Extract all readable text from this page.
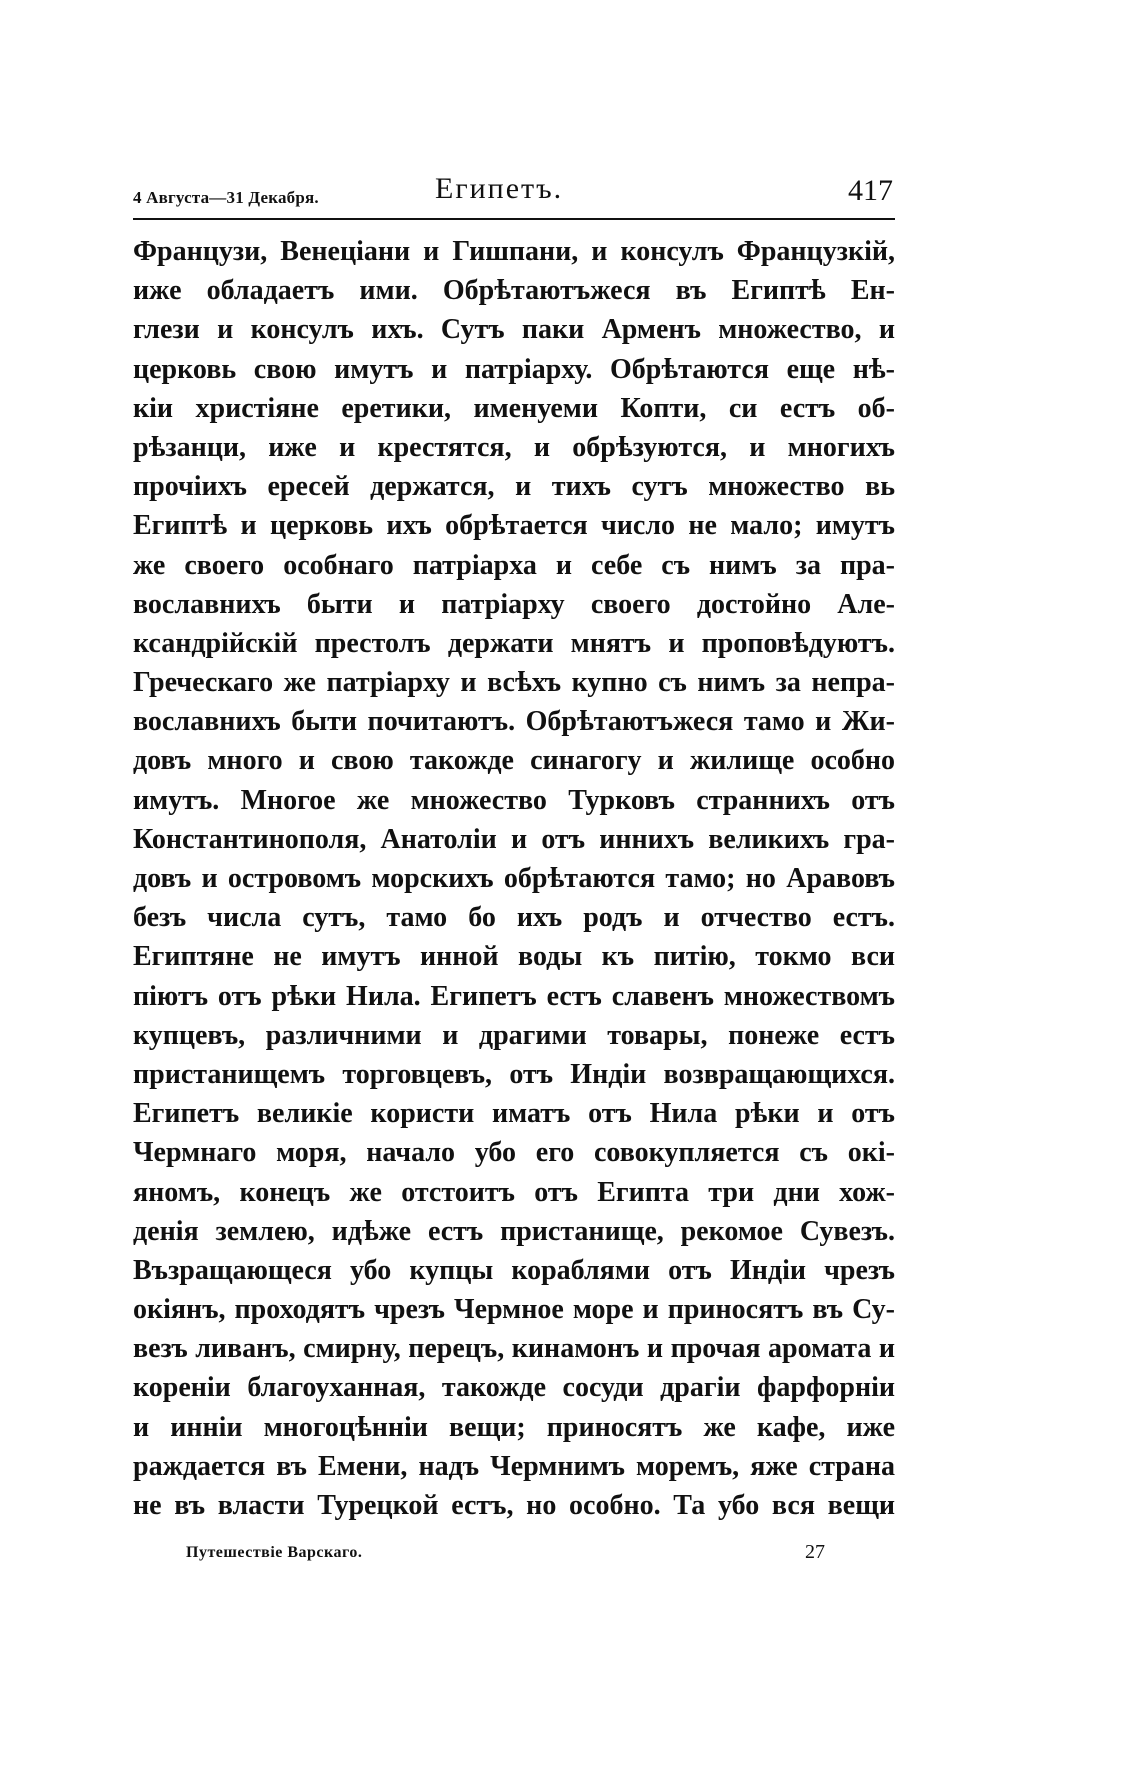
4 Августа—31 Декабря.	Египетъ.	417
Французи, Венеціани и Гишпани, и консулъ Французкій,
иже обладаетъ ими. Обрѣтаютъжеся въ Египтѣ Ен-
глези и консулъ ихъ. Сутъ паки Арменъ множество, и
церковь свою имутъ и патріарху. Обрѣтаются еще нѣ-
кіи христіяне еретики, именуеми Копти, си естъ об-
рѣзанци, иже и крестятся, и обрѣзуются, и многихъ
прочіихъ ересей держатся, и тихъ сутъ множество вь
Египтѣ и церковь ихъ обрѣтается число не мало; имутъ
же своего особнаго патріарха и себе съ нимъ за пра-
вославнихъ быти и патріарху своего достойно Але-
ксандрійскій престолъ держати мнятъ и проповѣдуютъ.
Греческаго же патріарху и всѣхъ купно съ нимъ за непра-
вославнихъ быти почитаютъ. Обрѣтаютъжеся тамо и Жи-
довъ много и свою такожде синагогу и жилище особно
имутъ. Многое же множество Турковъ страннихъ отъ
Константинополя, Анатоліи и отъ инниxъ великихъ гра-
довъ и островомъ морскихъ обрѣтаются тамо; но Аравовъ
безъ числа сутъ, тамо бо ихъ родъ и отчество естъ.
Египтяне не имутъ инной воды къ питію, токмо вси
піютъ отъ рѣки Нила. Египетъ естъ славенъ множествомъ
купцевъ, различними и драгими товары, понеже естъ
пристанищемъ торговцевъ, отъ Индіи возвращающихся.
Египетъ великіе користи иматъ отъ Нила рѣки и отъ
Чермнаго моря, начало убо его совокупляется съ окі-
яномъ, конецъ же отстоитъ отъ Египта три дни хож-
денія землею, идѣже естъ пристанище, рекомое Сувезъ.
Възращающеся убо купцы кораблями отъ Индіи чрезъ
окіянъ, проходятъ чрезъ Чермное море и приносятъ въ Су-
везъ ливанъ, смирну, перецъ, кинамонъ и прочая аромата и
кореніи благоуханная, такожде сосуди драгіи фарфорніи
и инніи многоцѣнніи вещи; приносятъ же кафе, иже
раждается въ Емени, надъ Чермнимъ моремъ, яже страна
не въ власти Турецкой естъ, но особно. Та убо вся вещи
Путешествіе Варскаго.	27
